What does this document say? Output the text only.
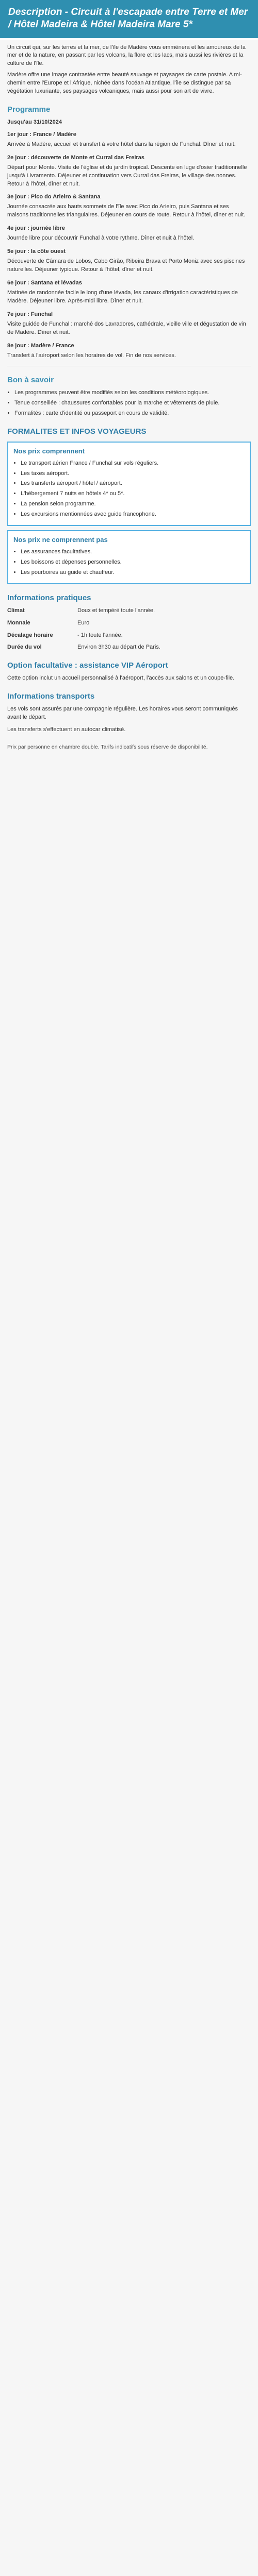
Description - Circuit à l'escapade entre Terre et Mer / Hôtel Madeira & Hôtel Madeira Mare 5*

Un circuit qui, sur les terres et la mer, de l'île de Madère vous emmènera et les amoureux de la mer et de la nature, en passant par les volcans, la flore et les lacs, mais aussi les rivières et la culture de l'île.

Madère offre une image contrastée entre beauté sauvage et paysages de carte postale. A mi-chemin entre l'Europe et l'Afrique, nichée dans l'océan Atlantique, l'île se distingue par sa végétation luxuriante, ses paysages volcaniques, mais aussi pour son art de vivre.

Programme
Jusqu'au 31/10/2024
1er jour : France / Madère
Arrivée à Madère, accueil et transfert à votre hôtel dans la région de Funchal. Dîner et nuit.
2e jour : découverte de Monte et Curral das Freiras
Départ pour Monte. Visite de l'église et du jardin tropical. Descente en luge d'osier traditionnelle jusqu'à Livramento. Déjeuner et continuation vers Curral das Freiras, le village des nonnes. Retour à l'hôtel, dîner et nuit.
3e jour : Pico do Arieiro & Santana
Journée consacrée aux hauts sommets de l'île avec Pico do Arieiro, puis Santana et ses maisons traditionnelles triangulaires. Déjeuner en cours de route. Retour à l'hôtel, dîner et nuit.
4e jour : journée libre
Journée libre pour découvrir Funchal à votre rythme. Dîner et nuit à l'hôtel.
5e jour : la côte ouest
Découverte de Câmara de Lobos, Cabo Girão, Ribeira Brava et Porto Moniz avec ses piscines naturelles. Déjeuner typique. Retour à l'hôtel, dîner et nuit.
6e jour : Santana et lévadas
Matinée de randonnée facile le long d'une lévada, les canaux d'irrigation caractéristiques de Madère. Déjeuner libre. Après-midi libre. Dîner et nuit.
7e jour : Funchal
Visite guidée de Funchal : marché dos Lavradores, cathédrale, vieille ville et dégustation de vin de Madère. Dîner et nuit.
8e jour : Madère / France
Transfert à l'aéroport selon les horaires de vol. Fin de nos services.
Bon à savoir
• Les programmes peuvent être modifiés selon les conditions météorologiques.
• Tenue conseillée : chaussures confortables pour la marche et vêtements de pluie.
• Formalités : carte d'identité ou passeport en cours de validité.
FORMALITES ET INFOS VOYAGEURS
Nos prix comprennent
• Le transport aérien France / Funchal sur vols réguliers.
• Les taxes aéroport.
• Les transferts aéroport / hôtel / aéroport.
• L'hébergement 7 nuits en hôtels 4* ou 5*.
• La pension selon programme.
• Les excursions mentionnées avec guide francophone.
Nos prix ne comprennent pas
• Les assurances facultatives.
• Les boissons et dépenses personnelles.
• Les pourboires au guide et chauffeur.
Informations pratiques
Climat	Doux et tempéré toute l'année.
Monnaie	Euro
Décalage horaire	- 1h toute l'année.
Durée du vol	Environ 3h30 au départ de Paris.
Option facultative : assistance VIP Aéroport
Cette option inclut un accueil personnalisé à l'aéroport, l'accès aux salons et un coupe-file.
Informations transports
Les vols sont assurés par une compagnie régulière. Les horaires vous seront communiqués avant le départ.
Les transferts s'effectuent en autocar climatisé.
Prix par personne en chambre double. Tarifs indicatifs sous réserve de disponibilité.
